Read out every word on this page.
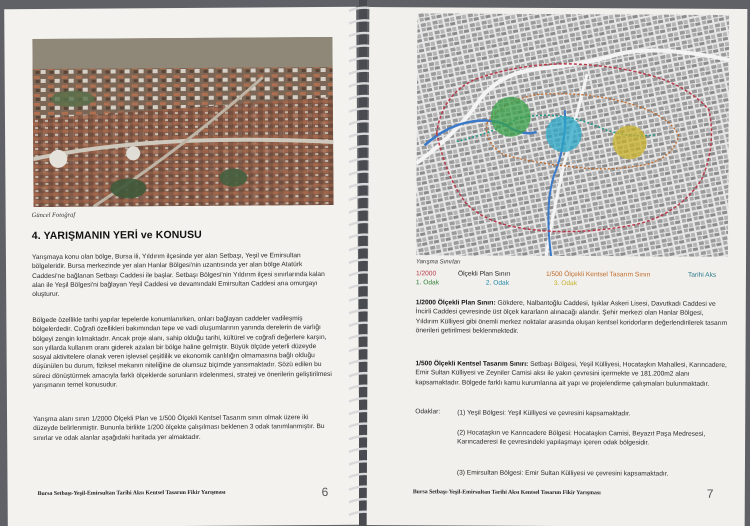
Güncel Fotoğraf
4. YARIŞMANIN YERİ ve KONUSU

Yarışmaya konu olan bölge, Bursa ili, Yıldırım ilçesinde yer alan Setbaşı, Yeşil ve Emirsultan bölgeleridir. Bursa merkezinde yer alan Hanlar Bölgesi'nin uzantısında yer alan bölge Atatürk Caddesi'ne bağlanan Setbaşı Caddesi ile başlar. Setbaşı Bölgesi'nin Yıldırım ilçesi sınırlarında kalan alan ile Yeşil Bölgesi'ni bağlayan Yeşil Caddesi ve devamındaki Emirsultan Caddesi ana omurgayı oluşturur.

Bölgede özellikle tarihi yapılar tepelerde konumlanırken, onları bağlayan caddeler vadileşmiş bölgelerdedir. Coğrafi özellikleri bakımından tepe ve vadi oluşumlarının yanında derelerin de varlığı bölgeyi zengin kılmaktadır. Ancak proje alanı, sahip olduğu tarihi, kültürel ve coğrafi değerlere karşın, son yıllarda kullanım oranı giderek azalan bir bölge haline gelmiştir. Büyük ölçüde yeterli düzeyde sosyal aktivitelere olanak veren işlevsel çeşitlilik ve ekonomik canlılığın olmamasına bağlı olduğu düşünülen bu durum, fiziksel mekanın niteliğine de olumsuz biçimde yansımaktadır. Sözü edilen bu süreci dönüştürmek amacıyla farklı ölçeklerde sorunların irdelenmesi, strateji ve önerilerin geliştirilmesi yarışmanın temel konusudur.

Yarışma alanı sınırı 1/2000 Ölçekli Plan ve 1/500 Ölçekli Kentsel Tasarım sınırı olmak üzere iki düzeyde belirlenmiştir. Bununla birlikte 1/200 ölçekte çalışılması beklenen 3 odak tanımlanmıştır. Bu sınırlar ve odak alanlar aşağıdaki haritada yer almaktadır.

Bursa Setbaşı-Yeşil-Emirsultan Tarihi Aksı Kentsel Tasarım Fikir Yarışması	6
Yarışma Sınırları
1/2000
1. Odak
Ölçekli Plan Sınırı
2. Odak
1/500 Ölçekli Kentsel Tasarım Sınırı
3. Odak
Tarihi Aks

1/2000 Ölçekli Plan Sınırı: Gökdere, Nalbantoğlu Caddesi, Işıklar Askeri Lisesi, Davutkadı Caddesi ve İncirli Caddesi çevresinde üst ölçek kararların alınacağı alandır. Şehir merkezi olan Hanlar Bölgesi, Yıldırım Külliyesi gibi önemli merkez noktalar arasında oluşan kentsel koridorların değerlendirilerek tasarım önerileri getirilmesi beklenmektedir.

1/500 Ölçekli Kentsel Tasarım Sınırı: Setbaşı Bölgesi, Yeşil Külliyesi, Hocataşkın Mahallesi, Karıncadere, Emir Sultan Külliyesi ve Zeyniler Camisi aksı ile yakın çevresini içermekte ve 181.200m2 alanı kapsamaktadır. Bölgede farklı kamu kurumlarına ait yapı ve projelendirme çalışmaları bulunmaktadır.

Odaklar:	(1) Yeşil Bölgesi: Yeşil Külliyesi ve çevresini kapsamaktadır.

(2) Hocataşkın ve Karıncadere Bölgesi: Hocataşkın Camisi, Beyazıt Paşa Medresesi, Karıncaderesi ile çevresindeki yapılaşmayı içeren odak bölgesidir.

(3) Emirsultan Bölgesi: Emir Sultan Külliyesi ve çevresini kapsamaktadır.

Bursa Setbaşı-Yeşil-Emirsultan Tarihi Aksı Kentsel Tasarım Fikir Yarışması	7
